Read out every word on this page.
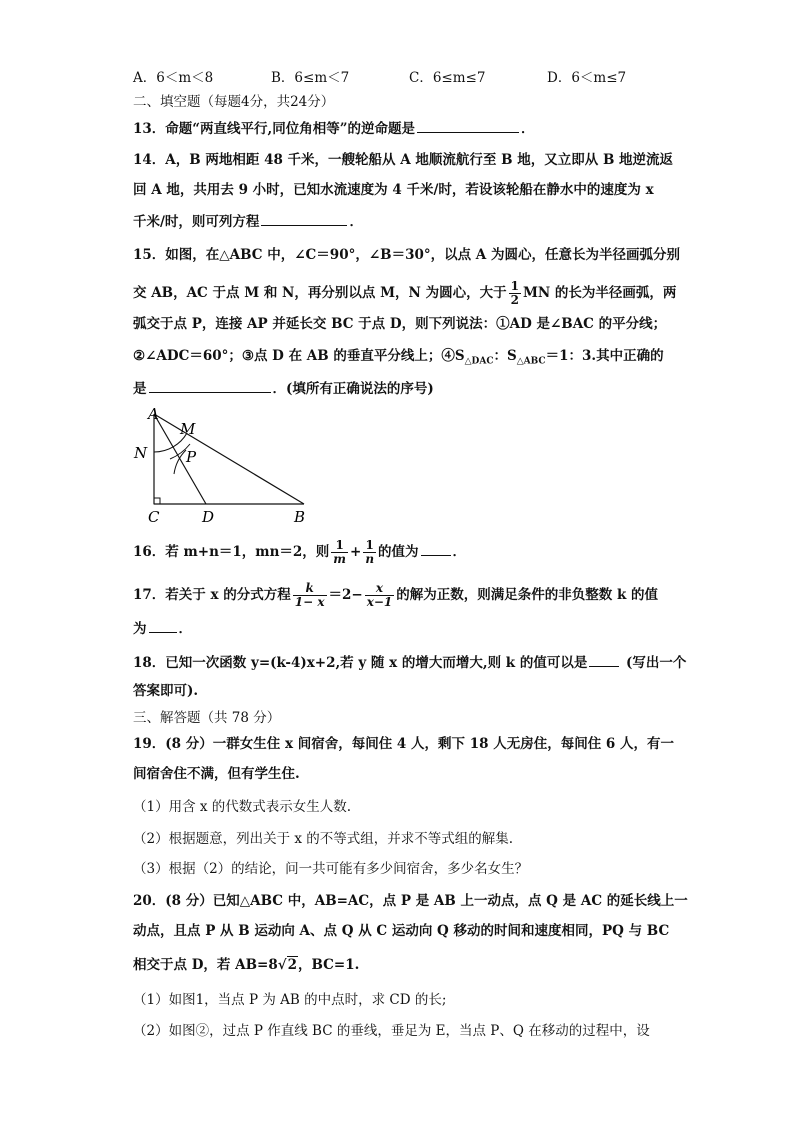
A．6＜m＜8	B．6≤m＜7	C．6≤m≤7	D．6＜m≤7
二、填空题（每题4分，共24分）
13．命题“两直线平行,同位角相等”的逆命题是	．
14．A，B 两地相距 48 千米，一艘轮船从 A 地顺流航行至 B 地，又立即从 B 地逆流返
回 A 地，共用去 9 小时，已知水流速度为 4 千米/时，若设该轮船在静水中的速度为 x
千米/时，则可列方程	．
15．如图，在△ABC 中，∠C＝90°，∠B＝30°，以点 A 为圆心，任意长为半径画弧分别
交 AB，AC 于点 M 和 N，再分别以点 M，N 为圆心，大于 $\frac{1}{2}$ MN 的长为半径画弧，两
弧交于点 P，连接 AP 并延长交 BC 于点 D，则下列说法：①AD 是∠BAC 的平分线；
②∠ADC＝60°；③点 D 在 AB 的垂直平分线上；$④S_{\triangle DAC}$：$S_{\triangle ABC}=1$：3.其中正确的
是	．(填所有正确说法的序号)
A
M
N	P
C	D	B
16．若 m+n＝1，mn＝2，则 $\frac{1}{m} + \frac{1}{n}$ 的值为	．
17．若关于 x 的分式方程 $\frac{k}{1- x} =2- \frac{x}{x-1}$ 的解为正数，则满足条件的非负整数 k 的值
为 ．
18．已知一次函数 y=(k-4)x+2,若 y 随 x 的增大而增大,则 k 的值可以是	(写出一个
答案即可).
三、解答题（共 78 分）
19．(8 分）一群女生住 x 间宿舍，每间住 4 人，剩下 18 人无房住，每间住 6 人，有一
间宿舍住不满，但有学生住.
（1）用含 x 的代数式表示女生人数.
（2）根据题意，列出关于 x 的不等式组，并求不等式组的解集.
（3）根据（2）的结论，问一共可能有多少间宿舍，多少名女生？
20．(8 分）已知△ABC 中，AB=AC，点 P 是 AB 上一动点，点 Q 是 AC 的延长线上一
动点，且点 P 从 B 运动向 A、点 Q 从 C 运动向 Q 移动的时间和速度相同，PQ 与 BC
相交于点 D，若 AB=8√2，BC=1.
（1）如图1，当点 P 为 AB 的中点时，求 CD 的长;
（2）如图②，过点 P 作直线 BC 的垂线，垂足为 E，当点 P、Q 在移动的过程中，设
